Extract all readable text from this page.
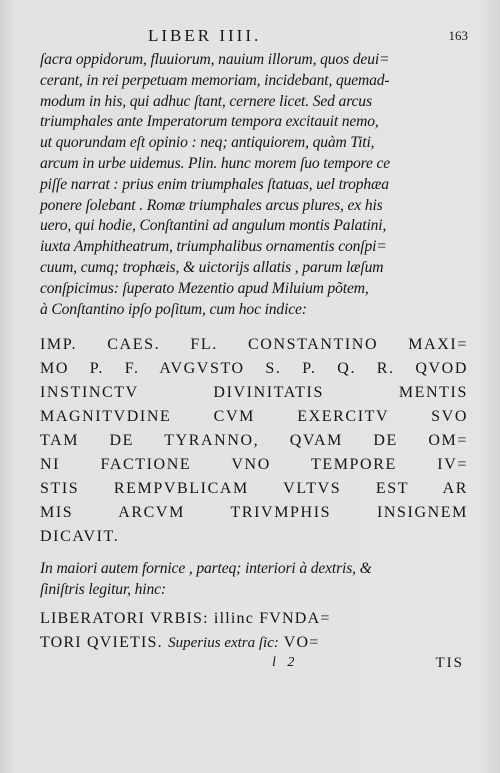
LIBER IIII.	163
ſacra oppidorum, fluuiorum, nauium illorum, quos deui=
cerant, in rei perpetuam memoriam, incidebant, quemad-
modum in his, qui adhuc ſtant, cernere licet. Sed arcus
triumphales ante Imperatorum tempora excitauit nemo,
ut quorundam eſt opinio : neq; antiquiorem, quàm Titi,
arcum in urbe uidemus. Plin. hunc morem ſuo tempore ce
piſſe narrat : prius enim triumphales ſtatuas, uel trophæa
ponere ſolebant . Romæ triumphales arcus plures, ex his
uero, qui hodie, Conſtantini ad angulum montis Palatini,
iuxta Amphitheatrum, triumphalibus ornamentis conſpi=
cuum, cumq; trophæis, & uictorijs allatis , parum læſum
conſpicimus: ſuperato Mezentio apud Miluium põtem,
à Conſtantino ipſo poſitum, cum hoc indice:
IMP. CAES. FL. CONSTANTINO MAXI=
MO P. F. AVGVSTO S. P. Q. R. QVOD
INSTINCTV DIVINITATIS MENTIS
MAGNITVDINE CVM EXERCITV SVO
TAM DE TYRANNO, QVAM DE OM=
NI FACTIONE VNO TEMPORE IV=
STIS REMPVBLICAM VLTVS EST AR
MIS ARCVM TRIVMPHIS INSIGNEM
DICAVIT.
In maiori autem fornice , parteq; interiori à dextris, &
ſiniſtris legitur, hinc:
LIBERATORI VRBIS: illinc FVNDA=
TORI QVIETIS. Superius extra ſic: VO=
l 2	TIS
